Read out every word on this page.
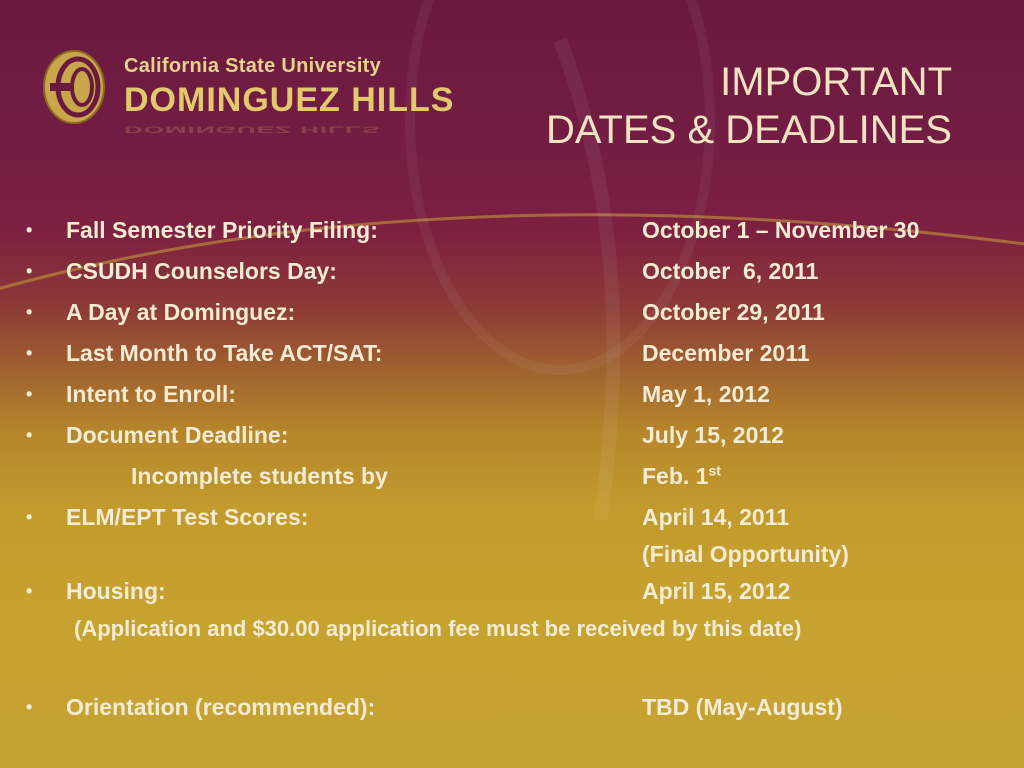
California State University
DOMINGUEZ HILLS
DOMINGUEZ HILLS
IMPORTANT
DATES & DEADLINES
• Fall Semester Priority Filing:	October 1 – November 30
• CSUDH Counselors Day:	October  6, 2011
• A Day at Dominguez:	October 29, 2011
• Last Month to Take ACT/SAT:	December 2011
• Intent to Enroll:	May 1, 2012
• Document Deadline:	July 15, 2012
Incomplete students by	Feb. 1st
• ELM/EPT Test Scores:	April 14, 2011
(Final Opportunity)
• Housing:	April 15, 2012
(Application and $30.00 application fee must be received by this date)
• Orientation (recommended):	TBD (May-August)
